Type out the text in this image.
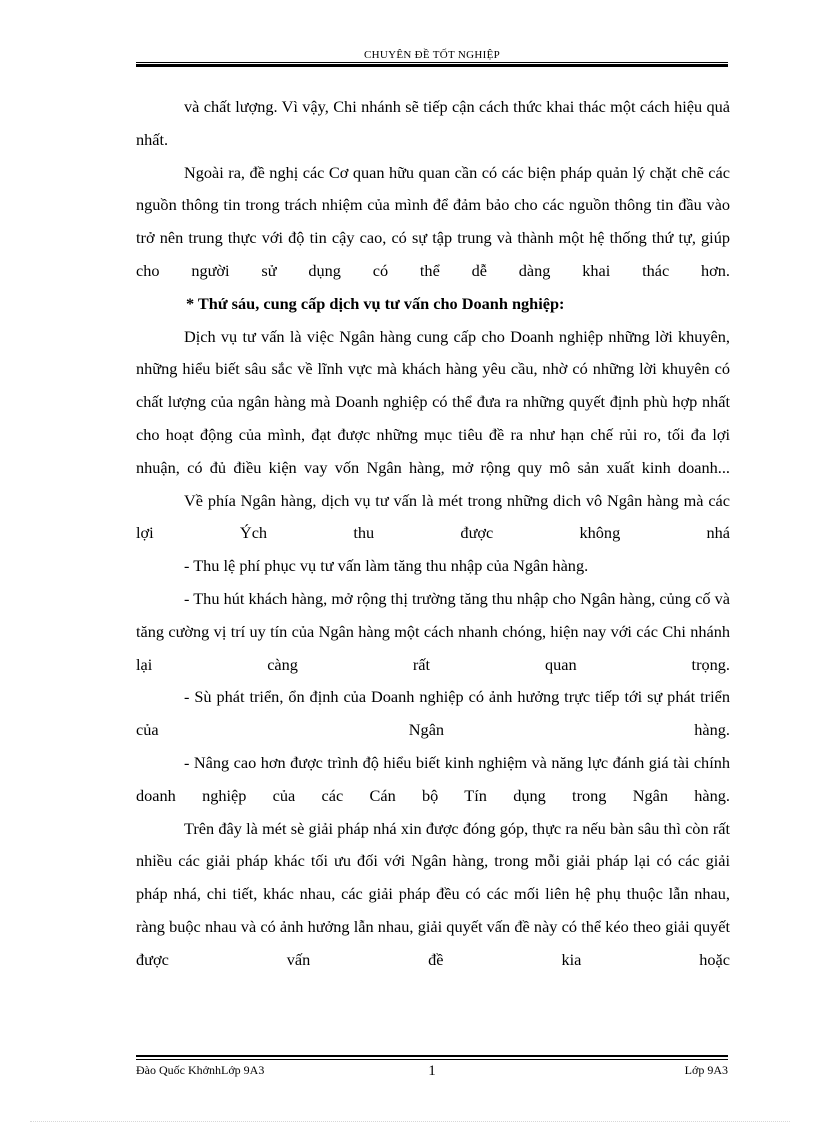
CHUYÊN ĐỀ TỐT NGHIỆP

và chất lượng. Vì vậy, Chi nhánh sẽ tiếp cận cách thức khai thác một cách hiệu quả nhất.

Ngoài ra, đề nghị các Cơ quan hữu quan cần có các biện pháp quản lý chặt chẽ các nguồn thông tin trong trách nhiệm của mình để đảm bảo cho các nguồn thông tin đầu vào trở nên trung thực với độ tin cậy cao, có sự tập trung và thành một hệ thống thứ tự, giúp cho người sử dụng có thể dễ dàng khai thác hơn.

* Thứ sáu, cung cấp dịch vụ tư vấn cho Doanh nghiệp:

Dịch vụ tư vấn là việc Ngân hàng cung cấp cho Doanh nghiệp những lời khuyên, những hiểu biết sâu sắc về lĩnh vực mà khách hàng yêu cầu, nhờ có những lời khuyên có chất lượng của ngân hàng mà Doanh nghiệp có thể đưa ra những quyết định phù hợp nhất cho hoạt động của mình, đạt được những mục tiêu đề ra như hạn chế rủi ro, tối đa lợi nhuận, có đủ điều kiện vay vốn Ngân hàng, mở rộng quy mô sản xuất kinh doanh...

Về phía Ngân hàng, dịch vụ tư vấn là mét trong những dich vô Ngân hàng mà các lợi Ých thu được không nhá

- Thu lệ phí phục vụ tư vấn làm tăng thu nhập của Ngân hàng.

- Thu hút khách hàng, mở rộng thị trường tăng thu nhập cho Ngân hàng, củng cố và tăng cường vị trí uy tín của Ngân hàng một cách nhanh chóng, hiện nay với các Chi nhánh lại càng rất quan trọng.

- Sù phát triển, ổn định của Doanh nghiệp có ảnh hưởng trực tiếp tới sự phát triển của Ngân hàng.

- Nâng cao hơn được trình độ hiểu biết kinh nghiệm và năng lực đánh giá tài chính doanh nghiệp của các Cán bộ Tín dụng trong Ngân hàng.

Trên đây là mét sè giải pháp nhá xin được đóng góp, thực ra nếu bàn sâu thì còn rất nhiều các giải pháp khác tối ưu đối với Ngân hàng, trong mỗi giải pháp lại có các giải pháp nhá, chi tiết, khác nhau, các giải pháp đều có các mối liên hệ phụ thuộc lẫn nhau, ràng buộc nhau và có ảnh hưởng lẫn nhau, giải quyết vấn đề này có thể kéo theo giải quyết được vấn đề kia hoặc

Đào Quốc KhởnhLớp 9A3	1	Lớp 9A3
